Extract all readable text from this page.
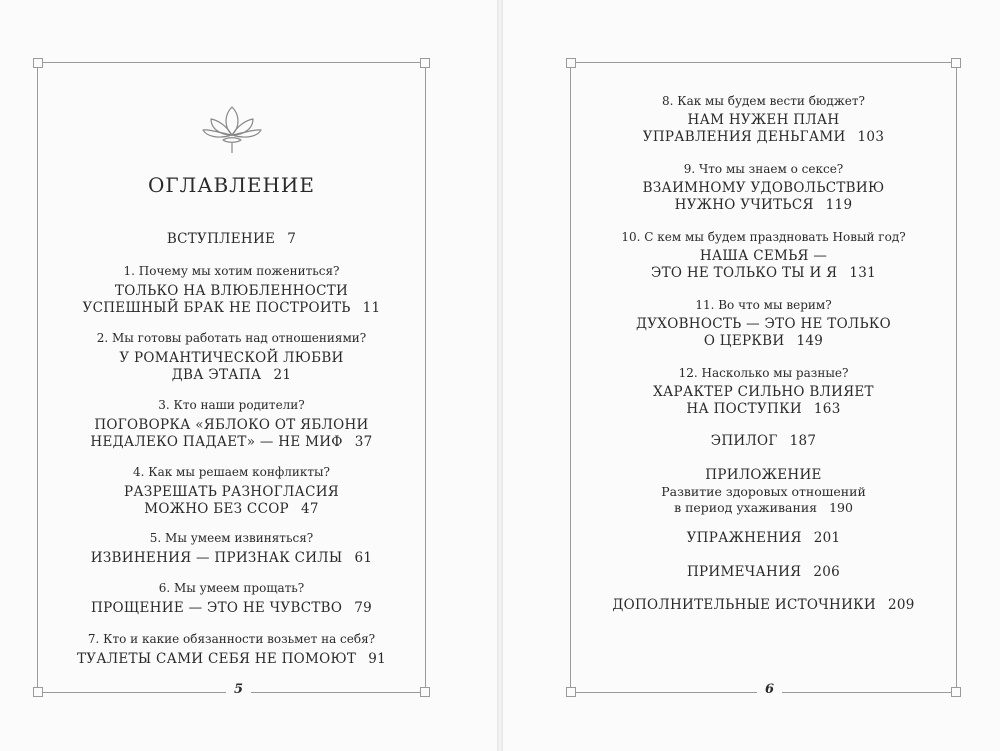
5	6
ОГЛАВЛЕНИЕ
ВСТУПЛЕНИЕ 7
1. Почему мы хотим пожениться?
ТОЛЬКО НА ВЛЮБЛЕННОСТИ
УСПЕШНЫЙ БРАК НЕ ПОСТРОИТЬ 11
2. Мы готовы работать над отношениями?
У РОМАНТИЧЕСКОЙ ЛЮБВИ
ДВА ЭТАПА 21
3. Кто наши родители?
ПОГОВОРКА «ЯБЛОКО ОТ ЯБЛОНИ
НЕДАЛЕКО ПАДАЕТ» — НЕ МИФ 37
4. Как мы решаем конфликты?
РАЗРЕШАТЬ РАЗНОГЛАСИЯ
МОЖНО БЕЗ ССОР 47
5. Мы умеем извиняться?
ИЗВИНЕНИЯ — ПРИЗНАК СИЛЫ 61
6. Мы умеем прощать?
ПРОЩЕНИЕ — ЭТО НЕ ЧУВСТВО 79
7. Кто и какие обязанности возьмет на себя?
ТУАЛЕТЫ САМИ СЕБЯ НЕ ПОМОЮТ 91
8. Как мы будем вести бюджет?
НАМ НУЖЕН ПЛАН
УПРАВЛЕНИЯ ДЕНЬГАМИ 103
9. Что мы знаем о сексе?
ВЗАИМНОМУ УДОВОЛЬСТВИЮ
НУЖНО УЧИТЬСЯ 119
10. С кем мы будем праздновать Новый год?
НАША СЕМЬЯ —
ЭТО НЕ ТОЛЬКО ТЫ И Я 131
11. Во что мы верим?
ДУХОВНОСТЬ — ЭТО НЕ ТОЛЬКО
О ЦЕРКВИ 149
12. Насколько мы разные?
ХАРАКТЕР СИЛЬНО ВЛИЯЕТ
НА ПОСТУПКИ 163
ЭПИЛОГ 187
ПРИЛОЖЕНИЕ
Развитие здоровых отношений
в период ухаживания 190
УПРАЖНЕНИЯ 201
ПРИМЕЧАНИЯ 206
ДОПОЛНИТЕЛЬНЫЕ ИСТОЧНИКИ 209
